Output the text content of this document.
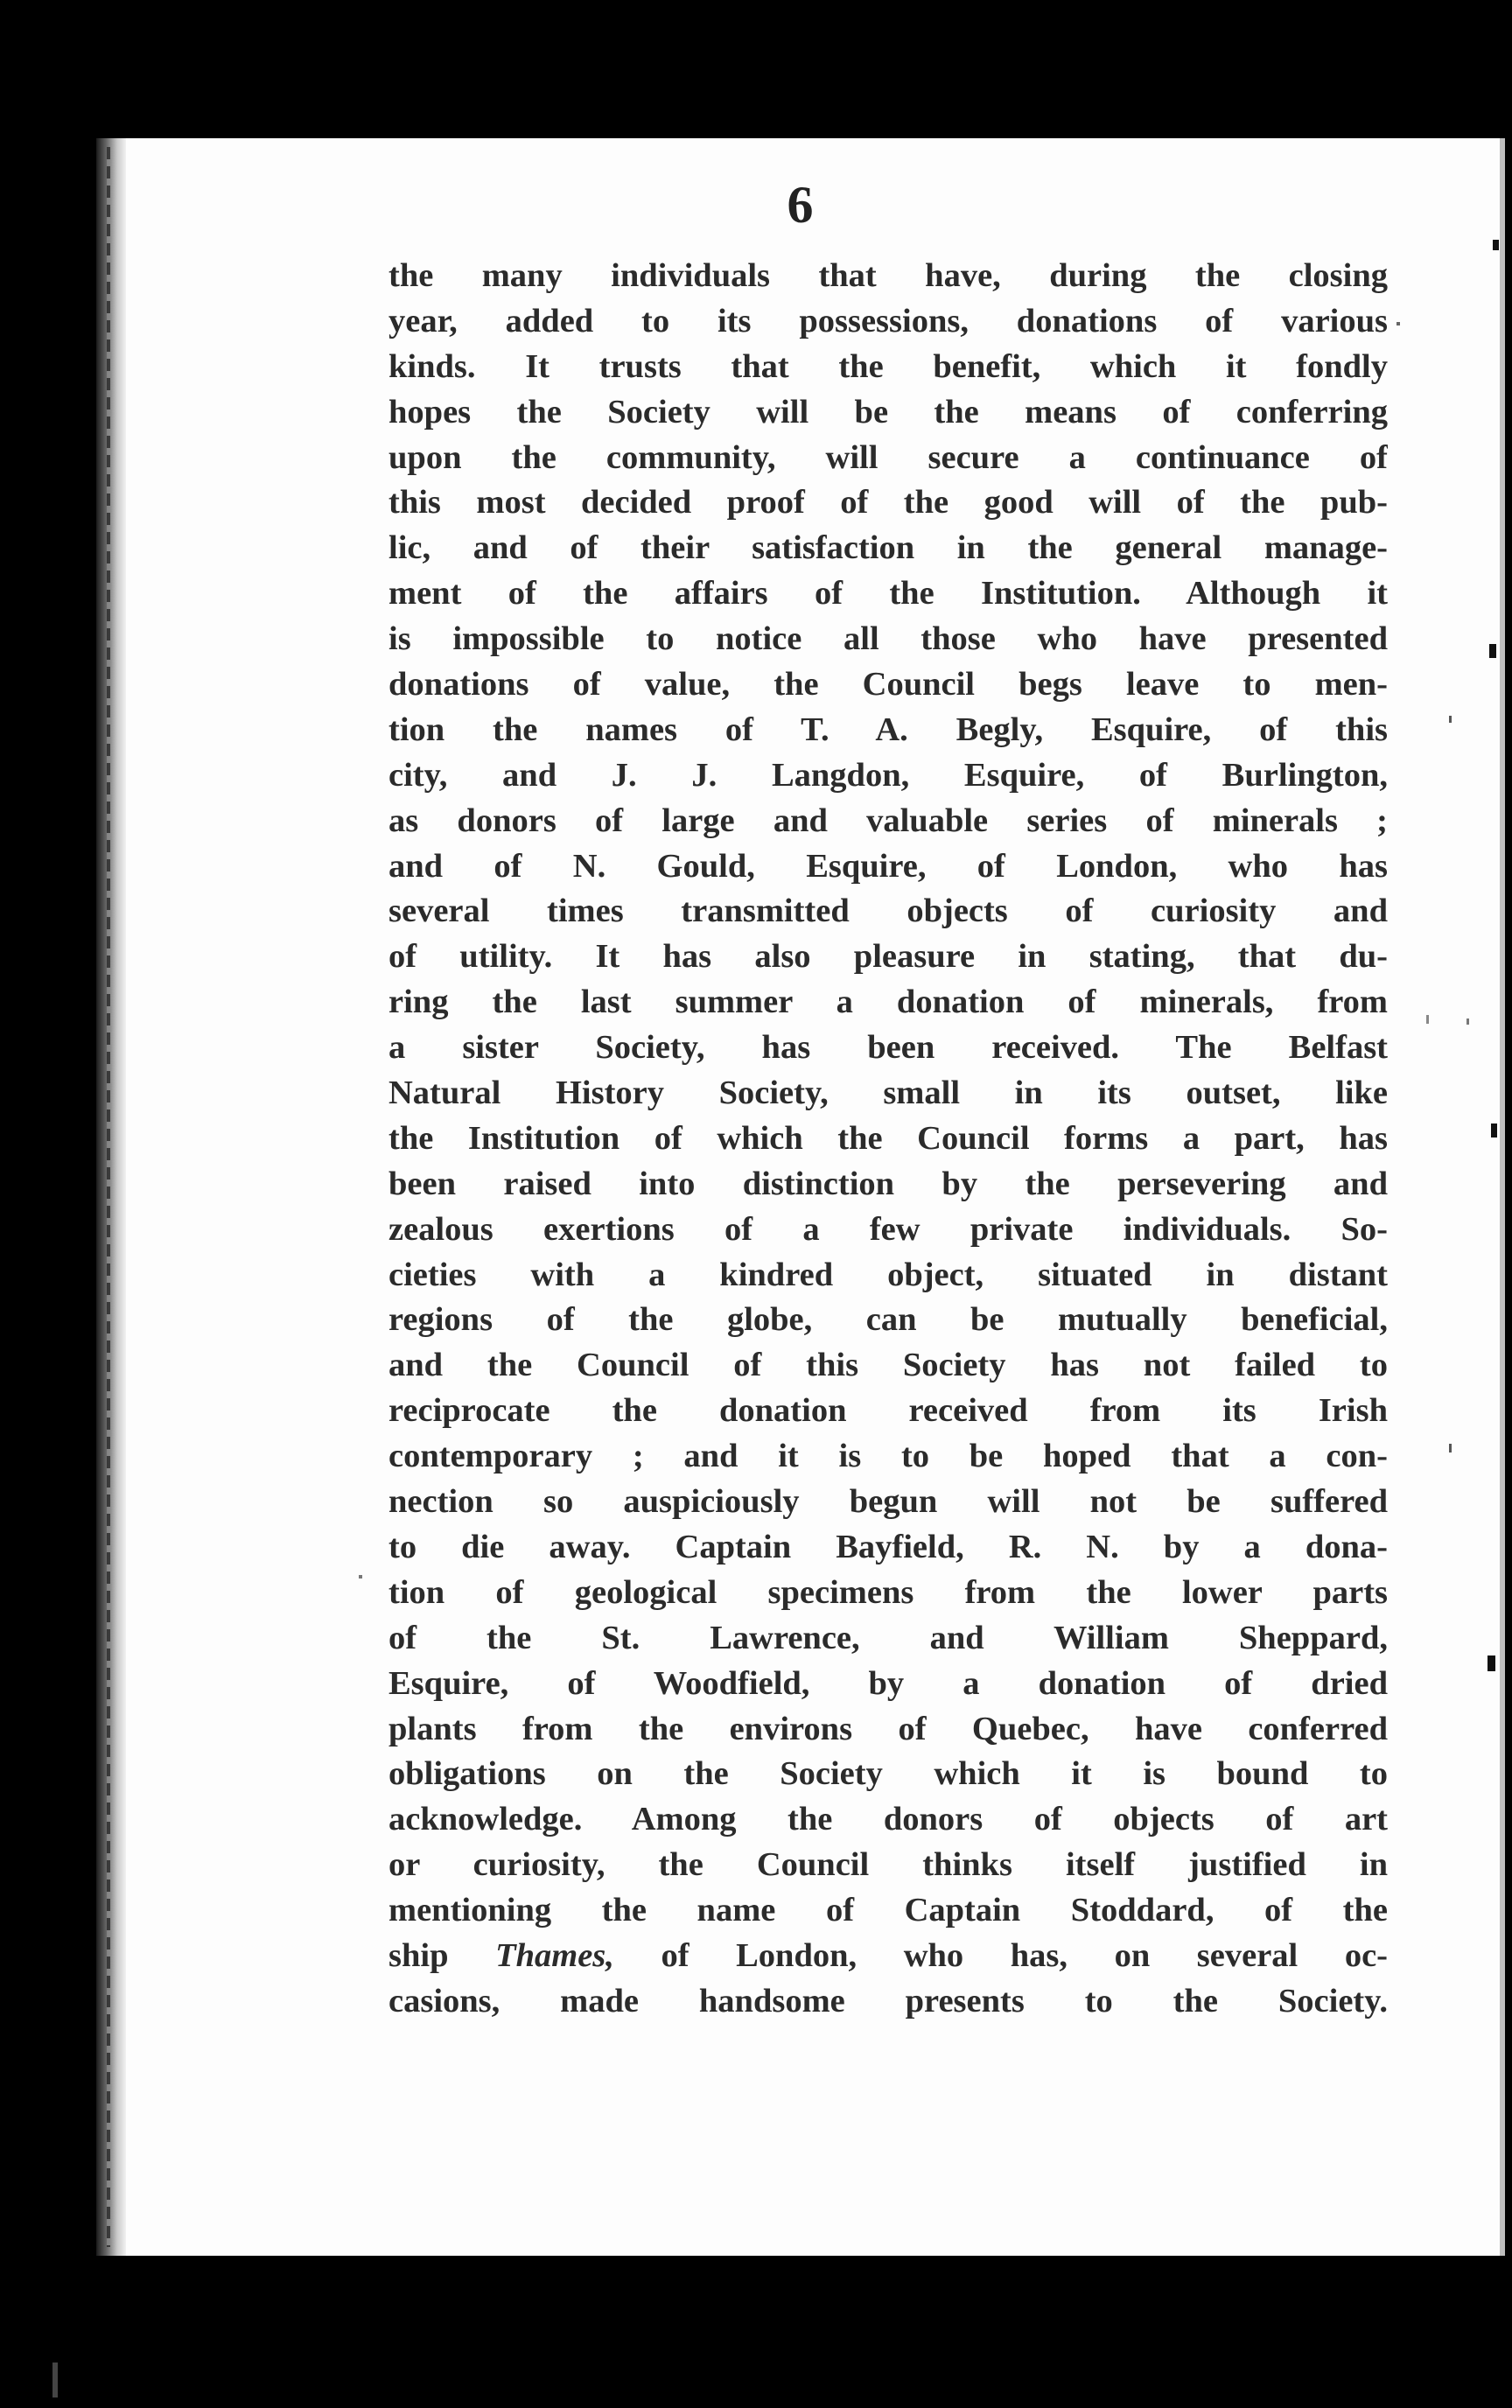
6
the many individuals that have, during the closing
year, added to its possessions, donations of various
kinds. It trusts that the benefit, which it fondly
hopes the Society will be the means of conferring
upon the community, will secure a continuance of
this most decided proof of the good will of the pub-
lic, and of their satisfaction in the general manage-
ment of the affairs of the Institution. Although it
is impossible to notice all those who have presented
donations of value, the Council begs leave to men-
tion the names of T. A. Begly, Esquire, of this
city, and J. J. Langdon, Esquire, of Burlington,
as donors of large and valuable series of minerals ;
and of N. Gould, Esquire, of London, who has
several times transmitted objects of curiosity and
of utility. It has also pleasure in stating, that du-
ring the last summer a donation of minerals, from
a sister Society, has been received. The Belfast
Natural History Society, small in its outset, like
the Institution of which the Council forms a part, has
been raised into distinction by the persevering and
zealous exertions of a few private individuals. So-
cieties with a kindred object, situated in distant
regions of the globe, can be mutually beneficial,
and the Council of this Society has not failed to
reciprocate the donation received from its Irish
contemporary ; and it is to be hoped that a con-
nection so auspiciously begun will not be suffered
to die away. Captain Bayfield, R. N. by a dona-
tion of geological specimens from the lower parts
of the St. Lawrence, and William Sheppard,
Esquire, of Woodfield, by a donation of dried
plants from the environs of Quebec, have conferred
obligations on the Society which it is bound to
acknowledge. Among the donors of objects of art
or curiosity, the Council thinks itself justified in
mentioning the name of Captain Stoddard, of the
ship Thames, of London, who has, on several oc-
casions, made handsome presents to the Society.
